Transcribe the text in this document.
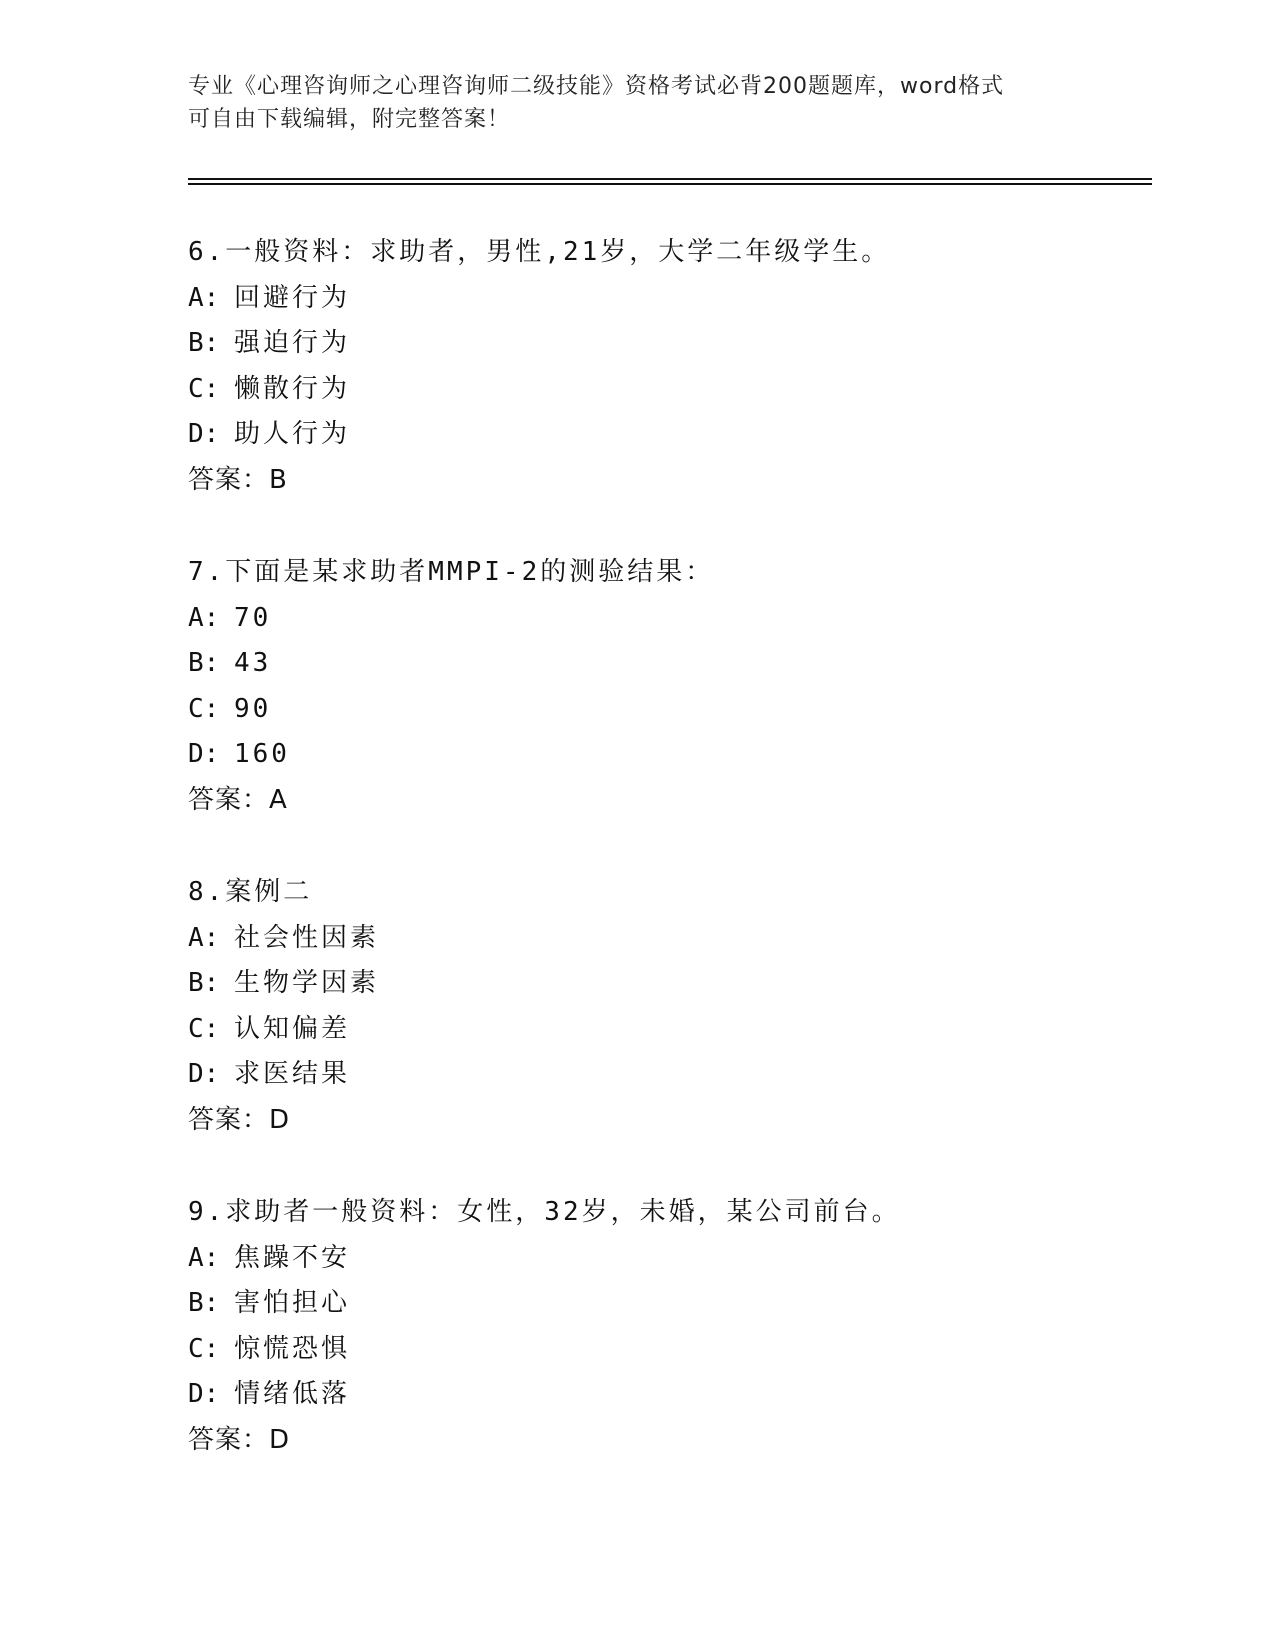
专业《心理咨询师之心理咨询师二级技能》资格考试必背200题题库，word格式
可自由下载编辑，附完整答案！
6.一般资料：求助者，男性,21岁，大学二年级学生。
A: 回避行为
B: 强迫行为
C: 懒散行为
D: 助人行为
答案：B
7.下面是某求助者MMPI-2的测验结果：
A: 70
B: 43
C: 90
D: 160
答案：A
8.案例二
A: 社会性因素
B: 生物学因素
C: 认知偏差
D: 求医结果
答案：D
9.求助者一般资料：女性，32岁，未婚，某公司前台。
A: 焦躁不安
B: 害怕担心
C: 惊慌恐惧
D: 情绪低落
答案：D
